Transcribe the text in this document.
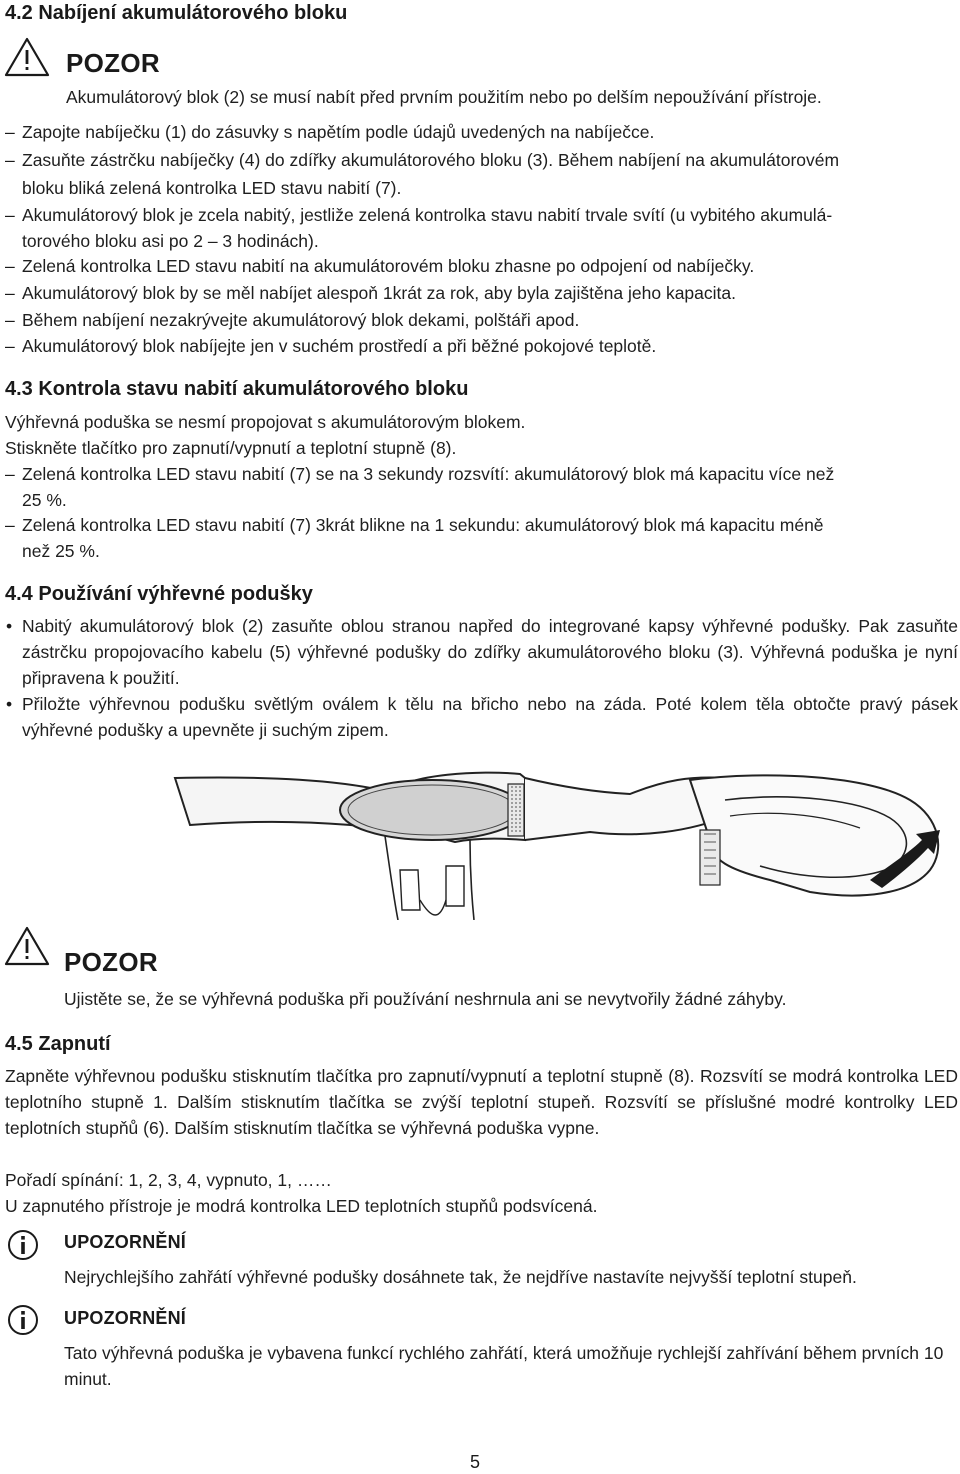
4.2 Nabíjení akumulátorového bloku
POZOR
Akumulátorový blok (2) se musí nabít před prvním použitím nebo po delším nepoužívání přístroje.
– Zapojte nabíječku (1) do zásuvky s napětím podle údajů uvedených na nabíječce.
– Zasuňte zástrčku nabíječky (4) do zdířky akumulátorového bloku (3). Během nabíjení na akumulátorovém
bloku bliká zelená kontrolka LED stavu nabití (7).
– Akumulátorový blok je zcela nabitý, jestliže zelená kontrolka stavu nabití trvale svítí (u vybitého akumulá-
torového bloku asi po 2 – 3 hodinách).
– Zelená kontrolka LED stavu nabití na akumulátorovém bloku zhasne po odpojení od nabíječky.
– Akumulátorový blok by se měl nabíjet alespoň 1krát za rok, aby byla zajištěna jeho kapacita.
– Během nabíjení nezakrývejte akumulátorový blok dekami, polštáři apod.
– Akumulátorový blok nabíjejte jen v suchém prostředí a při běžné pokojové teplotě.
4.3 Kontrola stavu nabití akumulátorového bloku
Výhřevná poduška se nesmí propojovat s akumulátorovým blokem.
Stiskněte tlačítko pro zapnutí/vypnutí a teplotní stupně (8).
– Zelená kontrolka LED stavu nabití (7) se na 3 sekundy rozsvítí: akumulátorový blok má kapacitu více než
25 %.
– Zelená kontrolka LED stavu nabití (7) 3krát blikne na 1 sekundu: akumulátorový blok má kapacitu méně
než 25 %.
4.4 Používání výhřevné podušky
• Nabitý akumulátorový blok (2) zasuňte oblou stranou napřed do integrované kapsy výhřevné podušky. Pak zasuňte zástrčku propojovacího kabelu (5) výhřevné podušky do zdířky akumulátorového bloku (3). Výhřevná poduška je nyní připravena k použití.
• Přiložte výhřevnou podušku světlým oválem k tělu na břicho nebo na záda. Poté kolem těla obtočte pravý pásek výhřevné podušky a upevněte ji suchým zipem.
POZOR
Ujistěte se, že se výhřevná poduška při používání neshrnula ani se nevytvořily žádné záhyby.
4.5 Zapnutí
Zapněte výhřevnou podušku stisknutím tlačítka pro zapnutí/vypnutí a teplotní stupně (8). Rozsvítí se modrá kontrolka LED teplotního stupně 1. Dalším stisknutím tlačítka se zvýší teplotní stupeň. Rozsvítí se příslušné modré kontrolky LED teplotních stupňů (6). Dalším stisknutím tlačítka se výhřevná poduška vypne.
Pořadí spínání: 1, 2, 3, 4, vypnuto, 1, ……
U zapnutého přístroje je modrá kontrolka LED teplotních stupňů podsvícená.
UPOZORNĚNÍ
Nejrychlejšího zahřátí výhřevné podušky dosáhnete tak, že nejdříve nastavíte nejvyšší teplotní stupeň.
UPOZORNĚNÍ
Tato výhřevná poduška je vybavena funkcí rychlého zahřátí, která umožňuje rychlejší zahřívání během prvních 10 minut.
5
